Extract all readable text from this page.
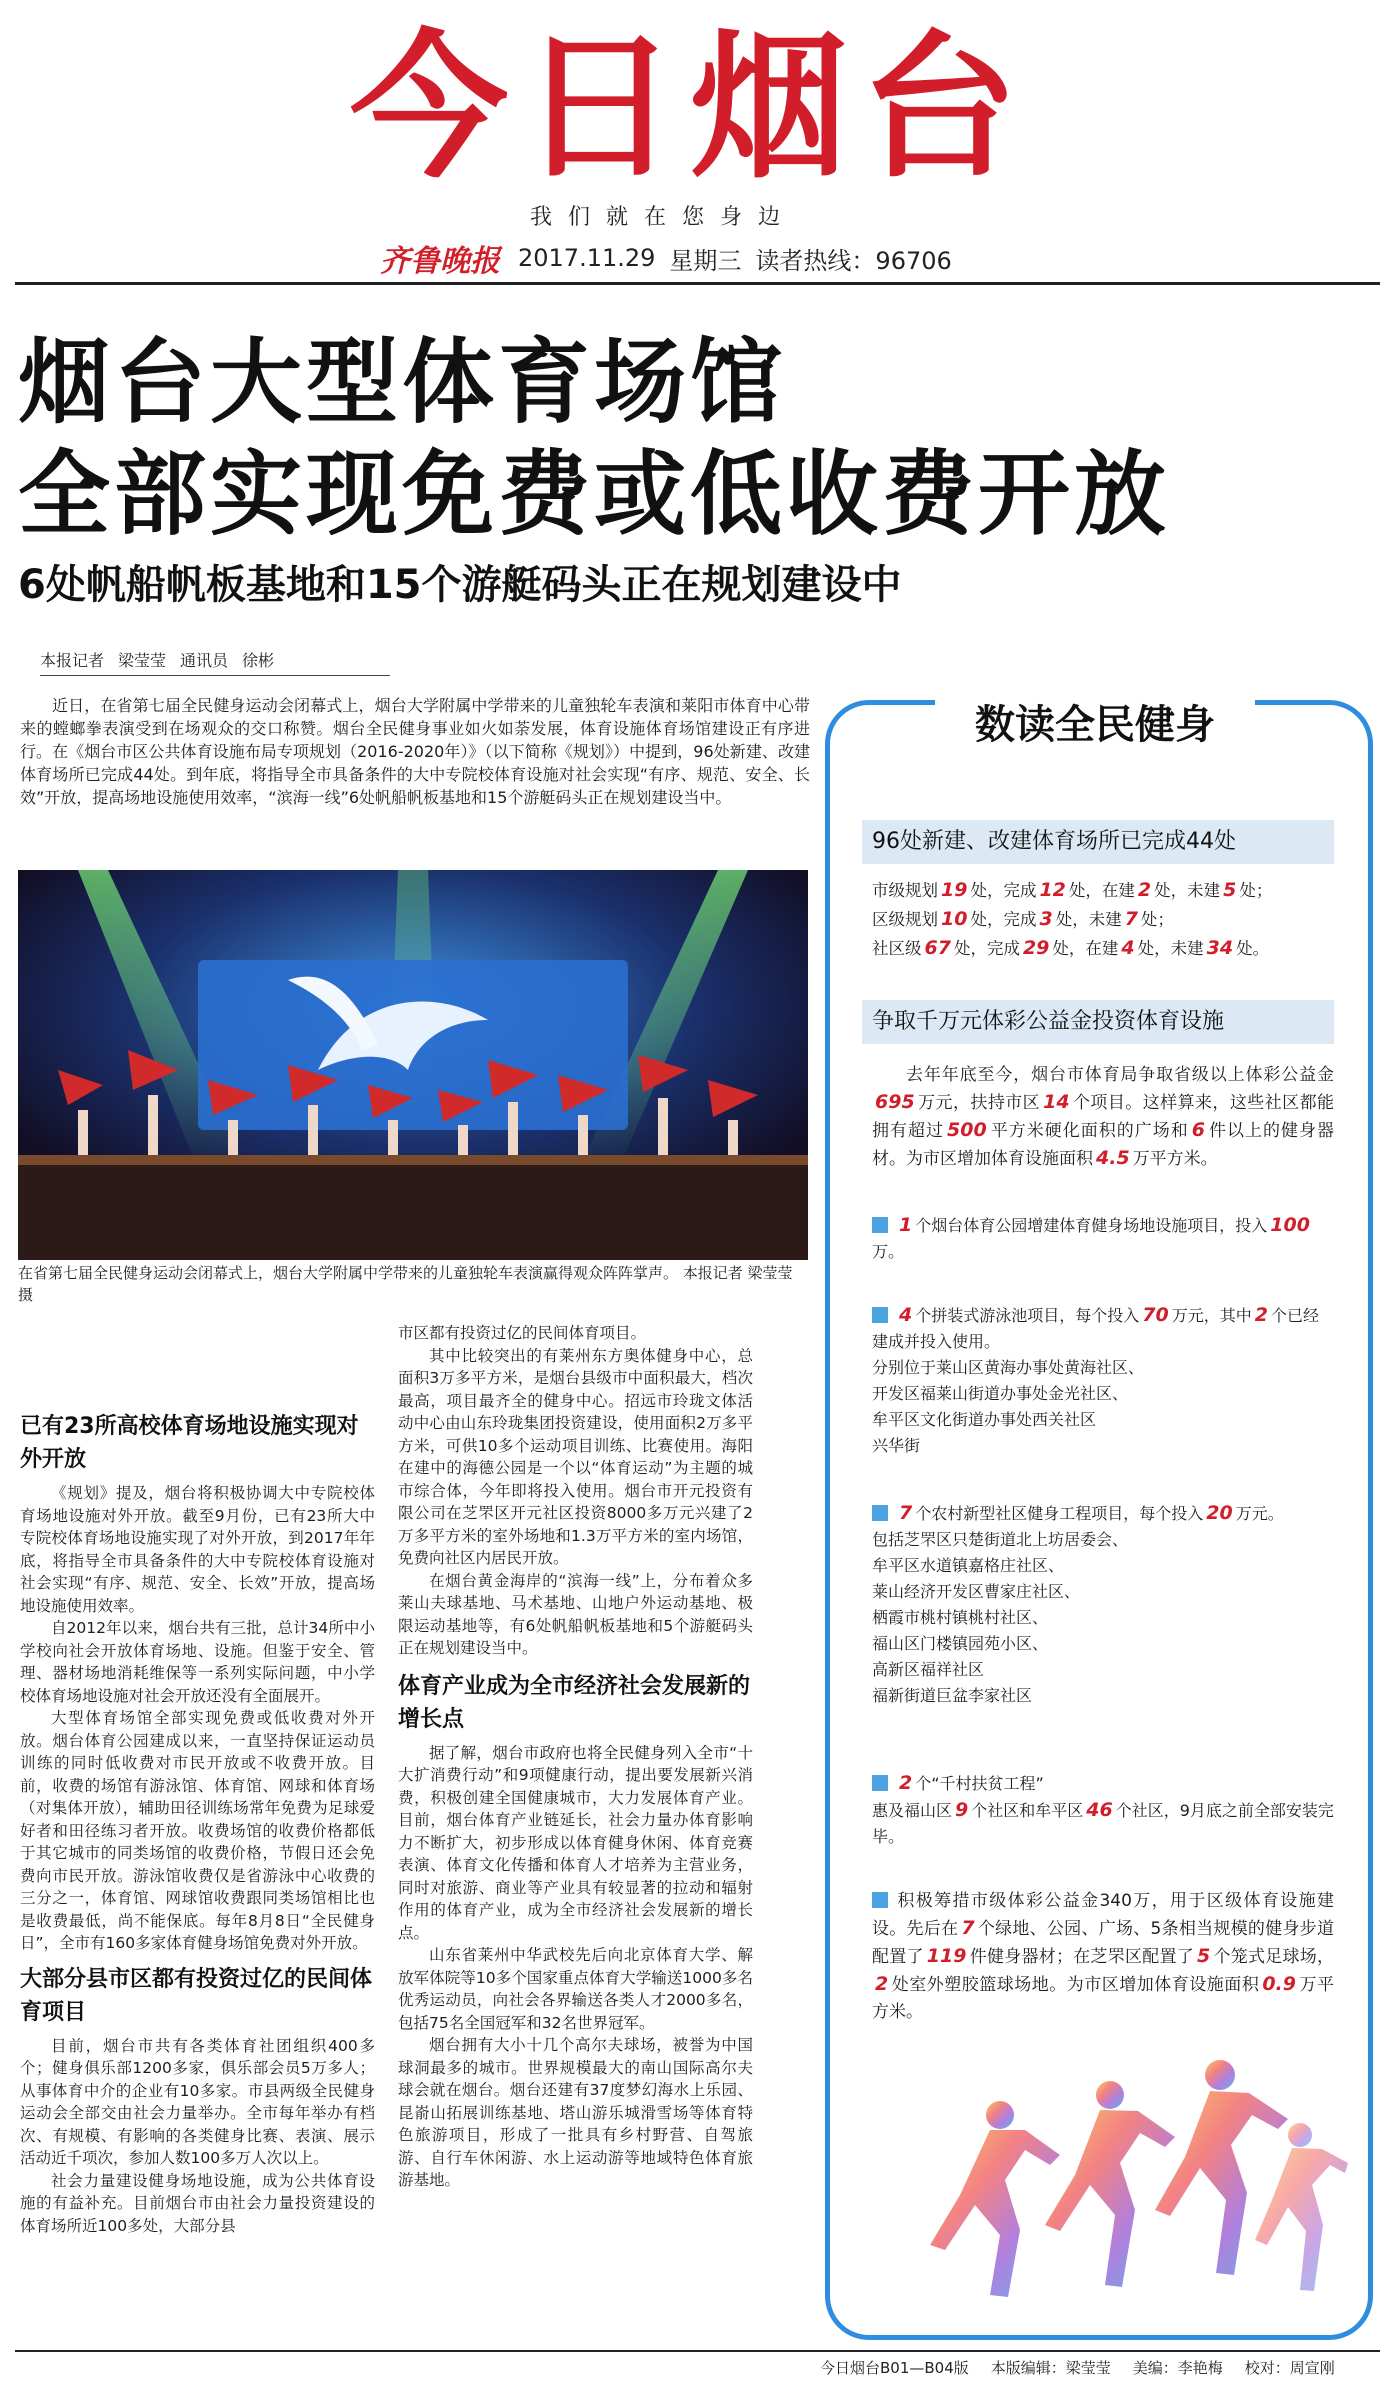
今日烟台
我们就在您身边
齐鲁晚报 2017.11.29 星期三 读者热线：96706
烟台大型体育场馆
全部实现免费或低收费开放
6处帆船帆板基地和15个游艇码头正在规划建设中
本报记者 梁莹莹 通讯员 徐彬

近日，在省第七届全民健身运动会闭幕式上，烟台大学附属中学带来的儿童独轮车表演和莱阳市体育中心带来的螳螂拳表演受到在场观众的交口称赞。烟台全民健身事业如火如荼发展，体育设施体育场馆建设正有序进行。在《烟台市区公共体育设施布局专项规划（2016-2020年）》（以下简称《规划》）中提到，96处新建、改建体育场所已完成44处。到年底，将指导全市具备条件的大中专院校体育设施对社会实现“有序、规范、安全、长效”开放，提高场地设施使用效率，“滨海一线”6处帆船帆板基地和15个游艇码头正在规划建设当中。

在省第七届全民健身运动会闭幕式上，烟台大学附属中学带来的儿童独轮车表演赢得观众阵阵掌声。 本报记者 梁莹莹 摄
已有23所高校体育场地设施实现对外开放

《规划》提及，烟台将积极协调大中专院校体育场地设施对外开放。截至9月份，已有23所大中专院校体育场地设施实现了对外开放，到2017年年底，将指导全市具备条件的大中专院校体育设施对社会实现“有序、规范、安全、长效”开放，提高场地设施使用效率。

自2012年以来，烟台共有三批，总计34所中小学校向社会开放体育场地、设施。但鉴于安全、管理、器材场地消耗维保等一系列实际问题，中小学校体育场地设施对社会开放还没有全面展开。

大型体育场馆全部实现免费或低收费对外开放。烟台体育公园建成以来，一直坚持保证运动员训练的同时低收费对市民开放或不收费开放。目前，收费的场馆有游泳馆、体育馆、网球和体育场（对集体开放），辅助田径训练场常年免费为足球爱好者和田径练习者开放。收费场馆的收费价格都低于其它城市的同类场馆的收费价格，节假日还会免费向市民开放。游泳馆收费仅是省游泳中心收费的三分之一，体育馆、网球馆收费跟同类场馆相比也是收费最低，尚不能保底。每年8月8日“全民健身日”，全市有160多家体育健身场馆免费对外开放。

大部分县市区都有投资过亿的民间体育项目

目前，烟台市共有各类体育社团组织400多个；健身俱乐部1200多家，俱乐部会员5万多人；从事体育中介的企业有10多家。市县两级全民健身运动会全部交由社会力量举办。全市每年举办有档次、有规模、有影响的各类健身比赛、表演、展示活动近千项次，参加人数100多万人次以上。

社会力量建设健身场地设施，成为公共体育设施的有益补充。目前烟台市由社会力量投资建设的体育场所近100多处，大部分县

市区都有投资过亿的民间体育项目。

其中比较突出的有莱州东方奥体健身中心，总面积3万多平方米，是烟台县级市中面积最大，档次最高，项目最齐全的健身中心。招远市玲珑文体活动中心由山东玲珑集团投资建设，使用面积2万多平方米，可供10多个运动项目训练、比赛使用。海阳在建中的海德公园是一个以“体育运动”为主题的城市综合体，今年即将投入使用。烟台市开元投资有限公司在芝罘区开元社区投资8000多万元兴建了2万多平方米的室外场地和1.3万平方米的室内场馆，免费向社区内居民开放。

在烟台黄金海岸的“滨海一线”上，分布着众多莱山夫球基地、马术基地、山地户外运动基地、极限运动基地等，有6处帆船帆板基地和5个游艇码头正在规划建设当中。

体育产业成为全市经济社会发展新的增长点

据了解，烟台市政府也将全民健身列入全市“十大扩消费行动”和9项健康行动，提出要发展新兴消费，积极创建全国健康城市，大力发展体育产业。目前，烟台体育产业链延长，社会力量办体育影响力不断扩大，初步形成以体育健身休闲、体育竞赛表演、体育文化传播和体育人才培养为主营业务，同时对旅游、商业等产业具有较显著的拉动和辐射作用的体育产业，成为全市经济社会发展新的增长点。

山东省莱州中华武校先后向北京体育大学、解放军体院等10多个国家重点体育大学输送1000多名优秀运动员，向社会各界输送各类人才2000多名，包括75名全国冠军和32名世界冠军。

烟台拥有大小十几个高尔夫球场，被誉为中国球洞最多的城市。世界规模最大的南山国际高尔夫球会就在烟台。烟台还建有37度梦幻海水上乐园、昆嵛山拓展训练基地、塔山游乐城滑雪场等体育特色旅游项目，形成了一批具有乡村野营、自驾旅游、自行车休闲游、水上运动游等地域特色体育旅游基地。

数读全民健身
96处新建、改建体育场所已完成44处
市级规划 19 处，完成 12 处，在建 2 处，未建 5 处；
区级规划 10 处，完成 3 处，未建 7 处；
社区级 67 处，完成 29 处，在建 4 处，未建 34 处。
争取千万元体彩公益金投资体育设施
去年年底至今，烟台市体育局争取省级以上体彩公益金695 万元，扶持市区 14 个项目。这样算来，这些社区都能拥有超过 500 平方米硬化面积的广场和 6 件以上的健身器材。为市区增加体育设施面积 4.5 万平方米。
1 个烟台体育公园增建体育健身场地设施项目，投入 100万。
4 个拼装式游泳池项目，每个投入 70 万元，其中 2 个已经建成并投入使用。
分别位于莱山区黄海办事处黄海社区、
开发区福莱山街道办事处金光社区、
牟平区文化街道办事处西关社区
兴华街
7 个农村新型社区健身工程项目，每个投入 20 万元。
包括芝罘区只楚街道北上坊居委会、
牟平区水道镇嘉格庄社区、
莱山经济开发区曹家庄社区、
栖霞市桃村镇桃村社区、
福山区门楼镇园苑小区、
高新区福祥社区
福新街道巨盆李家社区
2 个“千村扶贫工程”
惠及福山区 9 个社区和牟平区 46 个社区，9月底之前全部安装完毕。
积极筹措市级体彩公益金340万，用于区级体育设施建设。先后在 7 个绿地、公园、广场、5条相当规模的健身步道配置了 119 件健身器材；在芝罘区配置了 5 个笼式足球场，2 处室外塑胶篮球场地。为市区增加体育设施面积 0.9 万平方米。
今日烟台B01—B04版 本版编辑：梁莹莹 美编：李艳梅 校对：周宣刚
